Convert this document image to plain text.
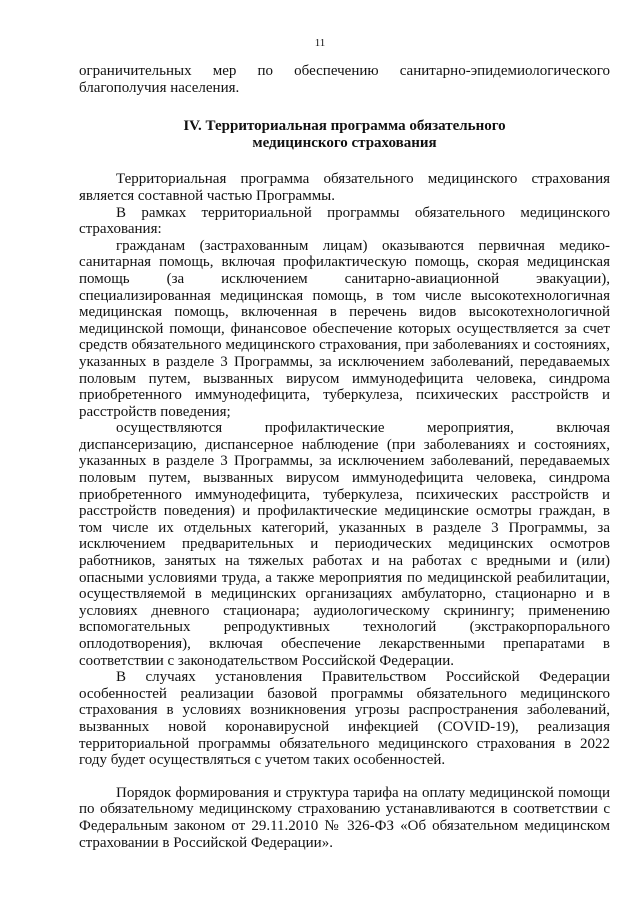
11

ограничительных мер по обеспечению санитарно-эпидемиологического благополучия населения.

IV. Территориальная программа обязательного
медицинского страхования

Территориальная программа обязательного медицинского страхования является составной частью Программы.

В рамках территориальной программы обязательного медицинского страхования:

гражданам (застрахованным лицам) оказываются первичная медико-санитарная помощь, включая профилактическую помощь, скорая медицинская помощь (за исключением санитарно-авиационной эвакуации), специализированная медицинская помощь, в том числе высокотехнологичная медицинская помощь, включенная в перечень видов высокотехнологичной медицинской помощи, финансовое обеспечение которых осуществляется за счет средств обязательного медицинского страхования, при заболеваниях и состояниях, указанных в разделе 3 Программы, за исключением заболеваний, передаваемых половым путем, вызванных вирусом иммунодефицита человека, синдрома приобретенного иммунодефицита, туберкулеза, психических расстройств и расстройств поведения;

осуществляются профилактические мероприятия, включая диспансеризацию, диспансерное наблюдение (при заболеваниях и состояниях, указанных в разделе 3 Программы, за исключением заболеваний, передаваемых половым путем, вызванных вирусом иммунодефицита человека, синдрома приобретенного иммунодефицита, туберкулеза, психических расстройств и расстройств поведения) и профилактические медицинские осмотры граждан, в том числе их отдельных категорий, указанных в разделе 3 Программы, за исключением предварительных и периодических медицинских осмотров работников, занятых на тяжелых работах и на работах с вредными и (или) опасными условиями труда, а также мероприятия по медицинской реабилитации, осуществляемой в медицинских организациях амбулаторно, стационарно и в условиях дневного стационара; аудиологическому скринингу; применению вспомогательных репродуктивных технологий (экстракорпорального оплодотворения), включая обеспечение лекарственными препаратами в соответствии с законодательством Российской Федерации.

В случаях установления Правительством Российской Федерации особенностей реализации базовой программы обязательного медицинского страхования в условиях возникновения угрозы распространения заболеваний, вызванных новой коронавирусной инфекцией (COVID-19), реализация территориальной программы обязательного медицинского страхования в 2022 году будет осуществляться с учетом таких особенностей.

Порядок формирования и структура тарифа на оплату медицинской помощи по обязательному медицинскому страхованию устанавливаются в соответствии с Федеральным законом от 29.11.2010 № 326-ФЗ «Об обязательном медицинском страховании в Российской Федерации».
